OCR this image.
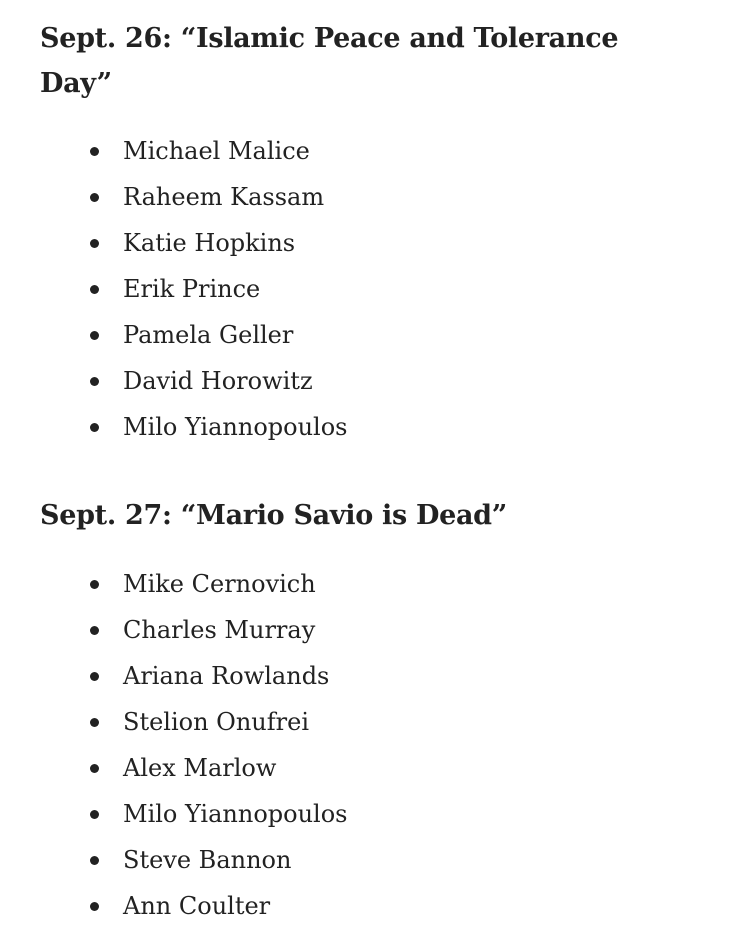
Sept. 26: “Islamic Peace and Tolerance Day”
Michael Malice
Raheem Kassam
Katie Hopkins
Erik Prince
Pamela Geller
David Horowitz
Milo Yiannopoulos
Sept. 27: “Mario Savio is Dead”
Mike Cernovich
Charles Murray
Ariana Rowlands
Stelion Onufrei
Alex Marlow
Milo Yiannopoulos
Steve Bannon
Ann Coulter
